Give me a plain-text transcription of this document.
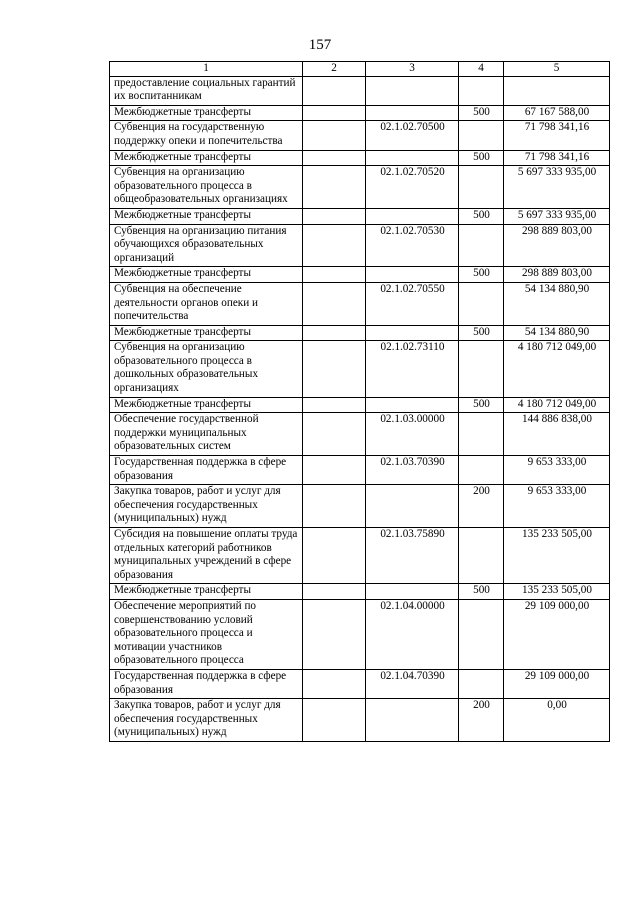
157
1	2	3	4	5
предоставление социальных гарантий их воспитанникам				
Межбюджетные трансферты			500	67 167 588,00
Субвенция на государственную поддержку опеки и попечительства		02.1.02.70500		71 798 341,16
Межбюджетные трансферты			500	71 798 341,16
Субвенция на организацию образовательного процесса в общеобразовательных организациях		02.1.02.70520		5 697 333 935,00
Межбюджетные трансферты			500	5 697 333 935,00
Субвенция на организацию питания обучающихся образовательных организаций		02.1.02.70530		298 889 803,00
Межбюджетные трансферты			500	298 889 803,00
Субвенция на обеспечение деятельности органов опеки и попечительства		02.1.02.70550		54 134 880,90
Межбюджетные трансферты			500	54 134 880,90
Субвенция на организацию образовательного процесса в дошкольных образовательных организациях		02.1.02.73110		4 180 712 049,00
Межбюджетные трансферты			500	4 180 712 049,00
Обеспечение государственной поддержки муниципальных образовательных систем		02.1.03.00000		144 886 838,00
Государственная поддержка в сфере образования		02.1.03.70390		9 653 333,00
Закупка товаров, работ и услуг для обеспечения государственных (муниципальных) нужд			200	9 653 333,00
Субсидия на повышение оплаты труда отдельных категорий работников муниципальных учреждений в сфере образования		02.1.03.75890		135 233 505,00
Межбюджетные трансферты			500	135 233 505,00
Обеспечение мероприятий по совершенствованию условий образовательного процесса и мотивации участников образовательного процесса		02.1.04.00000		29 109 000,00
Государственная поддержка в сфере образования		02.1.04.70390		29 109 000,00
Закупка товаров, работ и услуг для обеспечения государственных (муниципальных) нужд			200	0,00
